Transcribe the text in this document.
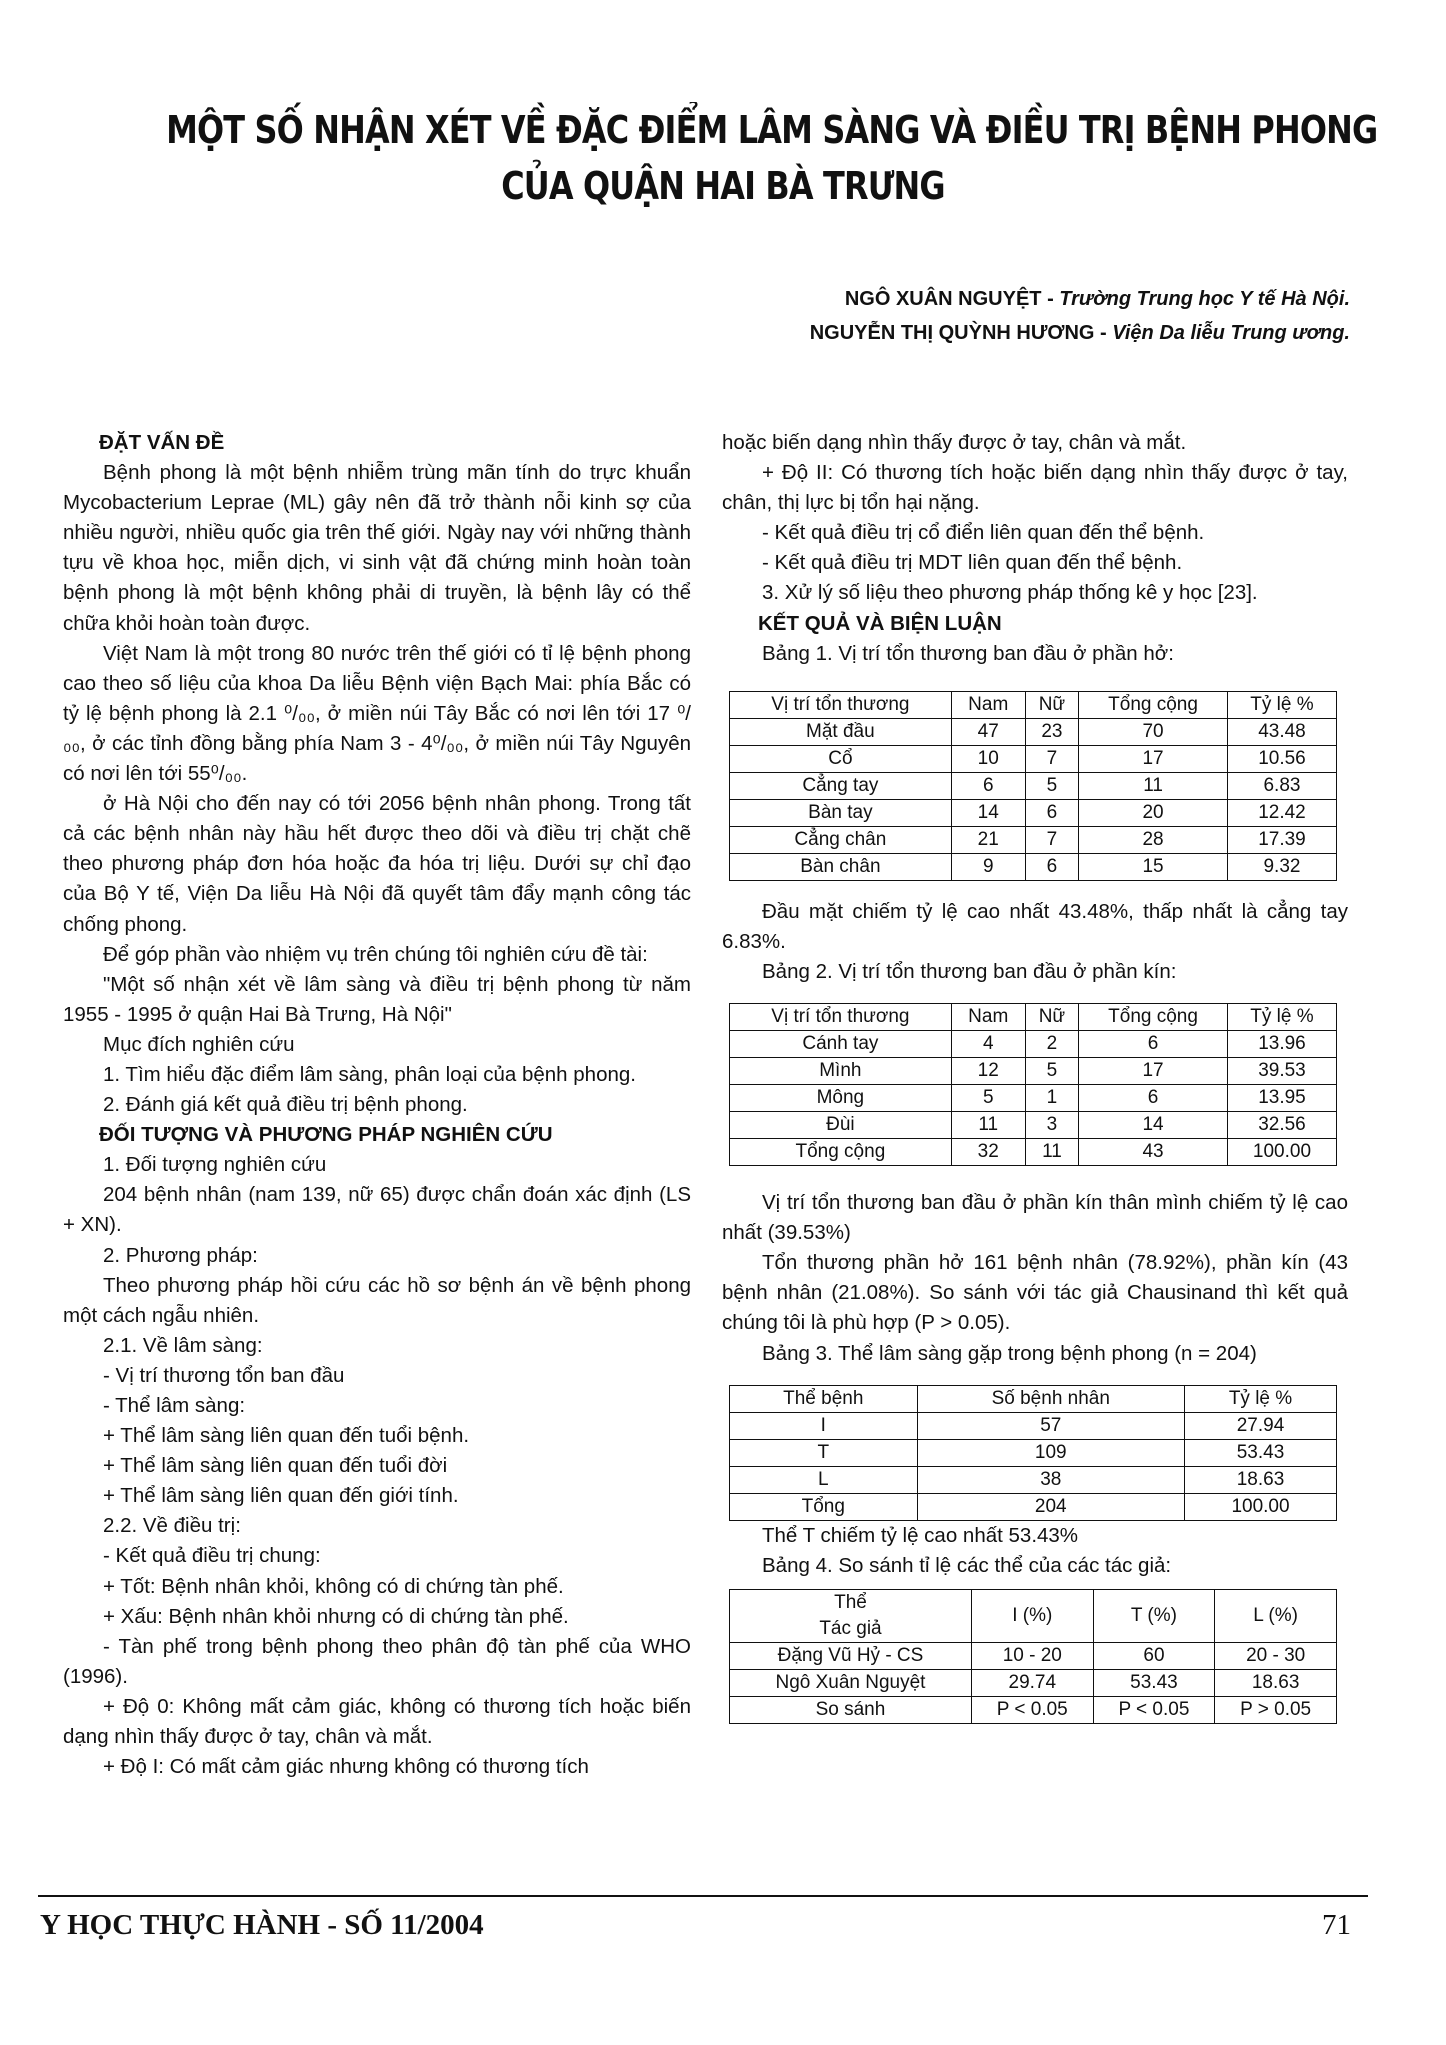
MỘT SỐ NHẬN XÉT VỀ ĐẶC ĐIỂM LÂM SÀNG VÀ ĐIỀU TRỊ BỆNH PHONG
CỦA QUẬN HAI BÀ TRƯNG
NGÔ XUÂN NGUYỆT - Trường Trung học Y tế Hà Nội.
NGUYỄN THỊ QUỲNH HƯƠNG - Viện Da liễu Trung ương.

ĐẶT VẤN ĐỀ

Bệnh phong là một bệnh nhiễm trùng mãn tính do trực khuẩn Mycobacterium Leprae (ML) gây nên đã trở thành nỗi kinh sợ của nhiều người, nhiều quốc gia trên thế giới. Ngày nay với những thành tựu về khoa học, miễn dịch, vi sinh vật đã chứng minh hoàn toàn bệnh phong là một bệnh không phải di truyền, là bệnh lây có thể chữa khỏi hoàn toàn được.

Việt Nam là một trong 80 nước trên thế giới có tỉ lệ bệnh phong cao theo số liệu của khoa Da liễu Bệnh viện Bạch Mai: phía Bắc có tỷ lệ bệnh phong là 2.1 ⁰/₀₀, ở miền núi Tây Bắc có nơi lên tới 17 ⁰/₀₀, ở các tỉnh đồng bằng phía Nam 3 - 4⁰/₀₀, ở miền núi Tây Nguyên có nơi lên tới 55⁰/₀₀.

ở Hà Nội cho đến nay có tới 2056 bệnh nhân phong. Trong tất cả các bệnh nhân này hầu hết được theo dõi và điều trị chặt chẽ theo phương pháp đơn hóa hoặc đa hóa trị liệu. Dưới sự chỉ đạo của Bộ Y tế, Viện Da liễu Hà Nội đã quyết tâm đẩy mạnh công tác chống phong.

Để góp phần vào nhiệm vụ trên chúng tôi nghiên cứu đề tài:

"Một số nhận xét về lâm sàng và điều trị bệnh phong từ năm 1955 - 1995 ở quận Hai Bà Trưng, Hà Nội"

Mục đích nghiên cứu

1. Tìm hiểu đặc điểm lâm sàng, phân loại của bệnh phong.

2. Đánh giá kết quả điều trị bệnh phong.

ĐỐI TƯỢNG VÀ PHƯƠNG PHÁP NGHIÊN CỨU

1. Đối tượng nghiên cứu

204 bệnh nhân (nam 139, nữ 65) được chẩn đoán xác định (LS + XN).

2. Phương pháp:

Theo phương pháp hồi cứu các hồ sơ bệnh án về bệnh phong một cách ngẫu nhiên.

2.1. Về lâm sàng:

- Vị trí thương tổn ban đầu

- Thể lâm sàng:

+ Thể lâm sàng liên quan đến tuổi bệnh.

+ Thể lâm sàng liên quan đến tuổi đời

+ Thể lâm sàng liên quan đến giới tính.

2.2. Về điều trị:

- Kết quả điều trị chung:

+ Tốt: Bệnh nhân khỏi, không có di chứng tàn phế.

+ Xấu: Bệnh nhân khỏi nhưng có di chứng tàn phế.

- Tàn phế trong bệnh phong theo phân độ tàn phế của WHO (1996).

+ Độ 0: Không mất cảm giác, không có thương tích hoặc biến dạng nhìn thấy được ở tay, chân và mắt.

+ Độ I: Có mất cảm giác nhưng không có thương tích

hoặc biến dạng nhìn thấy được ở tay, chân và mắt.

+ Độ II: Có thương tích hoặc biến dạng nhìn thấy được ở tay, chân, thị lực bị tổn hại nặng.

- Kết quả điều trị cổ điển liên quan đến thể bệnh.

- Kết quả điều trị MDT liên quan đến thể bệnh.

3. Xử lý số liệu theo phương pháp thống kê y học [23].

KẾT QUẢ VÀ BIỆN LUẬN

Bảng 1. Vị trí tổn thương ban đầu ở phần hở:

Vị trí tổn thương	Nam	Nữ	Tổng cộng	Tỷ lệ %
Mặt đầu	47	23	70	43.48
Cổ	10	7	17	10.56
Cẳng tay	6	5	11	6.83
Bàn tay	14	6	20	12.42
Cẳng chân	21	7	28	17.39
Bàn chân	9	6	15	9.32

Đầu mặt chiếm tỷ lệ cao nhất 43.48%, thấp nhất là cẳng tay 6.83%.

Bảng 2. Vị trí tổn thương ban đầu ở phần kín:

Vị trí tổn thương	Nam	Nữ	Tổng cộng	Tỷ lệ %
Cánh tay	4	2	6	13.96
Mình	12	5	17	39.53
Mông	5	1	6	13.95
Đùi	11	3	14	32.56
Tổng cộng	32	11	43	100.00

Vị trí tổn thương ban đầu ở phần kín thân mình chiếm tỷ lệ cao nhất (39.53%)

Tổn thương phần hở 161 bệnh nhân (78.92%), phần kín (43 bệnh nhân (21.08%). So sánh với tác giả Chausinand thì kết quả chúng tôi là phù hợp (P > 0.05).

Bảng 3. Thể lâm sàng gặp trong bệnh phong (n = 204)

Thể bệnh	Số bệnh nhân	Tỷ lệ %
I	57	27.94
T	109	53.43
L	38	18.63
Tổng	204	100.00

Thể T chiếm tỷ lệ cao nhất 53.43%

Bảng 4. So sánh tỉ lệ các thể của các tác giả:

Thể
Tác giả	I (%)	T (%)	L (%)
Đặng Vũ Hỷ - CS	10 - 20	60	20 - 30
Ngô Xuân Nguyệt	29.74	53.43	18.63
So sánh	P < 0.05	P < 0.05	P > 0.05
Y HỌC THỰC HÀNH - SỐ 11/2004	71
